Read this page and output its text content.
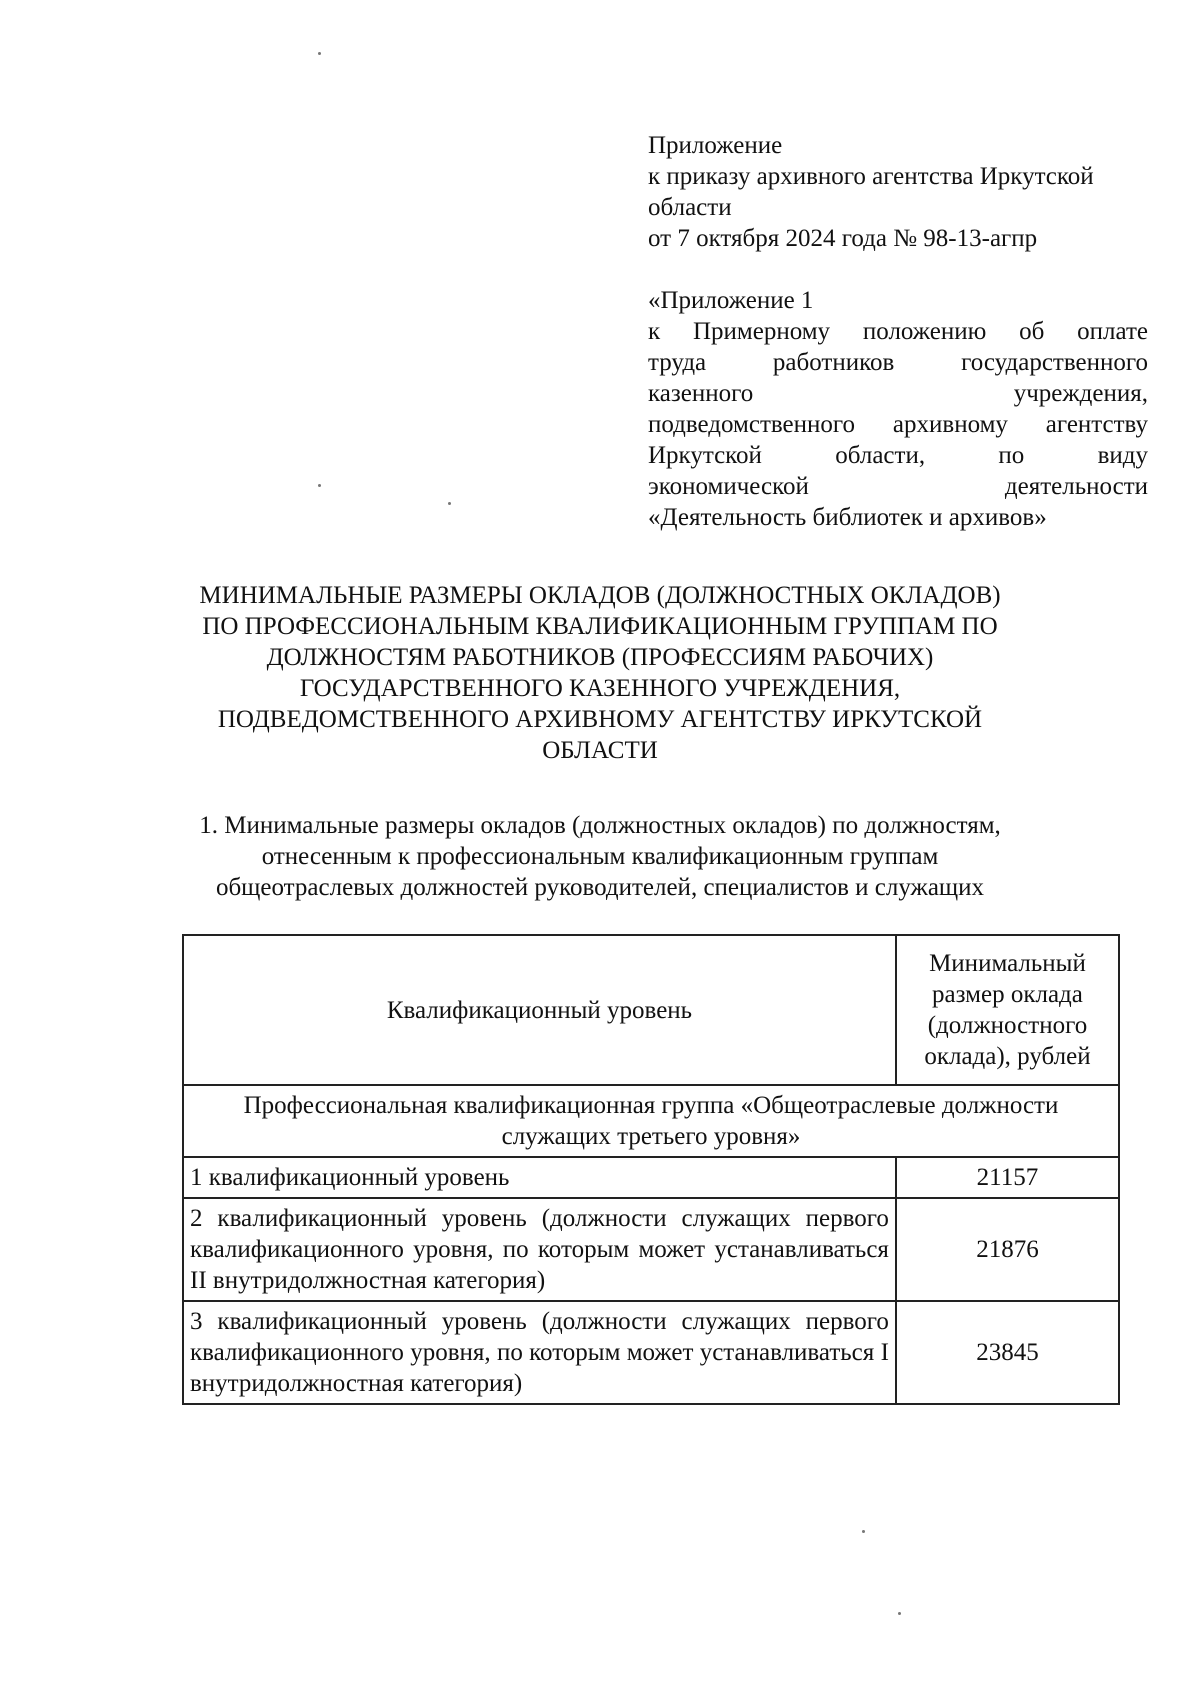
Приложение
к приказу архивного агентства Иркутской
области
от 7 октября 2024 года № 98-13-агпр
«Приложение 1
к Примерному положению об оплате
труда работников государственного
казенного учреждения,
подведомственного архивному агентству
Иркутской области, по виду
экономической деятельности
«Деятельность библиотек и архивов»
МИНИМАЛЬНЫЕ РАЗМЕРЫ ОКЛАДОВ (ДОЛЖНОСТНЫХ ОКЛАДОВ)
ПО ПРОФЕССИОНАЛЬНЫМ КВАЛИФИКАЦИОННЫМ ГРУППАМ ПО
ДОЛЖНОСТЯМ РАБОТНИКОВ (ПРОФЕССИЯМ РАБОЧИХ)
ГОСУДАРСТВЕННОГО КАЗЕННОГО УЧРЕЖДЕНИЯ,
ПОДВЕДОМСТВЕННОГО АРХИВНОМУ АГЕНТСТВУ ИРКУТСКОЙ
ОБЛАСТИ
1. Минимальные размеры окладов (должностных окладов) по должностям,
отнесенным к профессиональным квалификационным группам
общеотраслевых должностей руководителей, специалистов и служащих
Квалификационный уровень	Минимальный размер оклада (должностного оклада), рублей
Профессиональная квалификационная группа «Общеотраслевые должности служащих третьего уровня»	
1 квалификационный уровень	21157
2 квалификационный уровень (должности служащих первого квалификационного уровня, по которым может устанавливаться II внутридолжностная категория)	21876
3 квалификационный уровень (должности служащих первого квалификационного уровня, по которым может устанавливаться I внутридолжностная категория)	23845
